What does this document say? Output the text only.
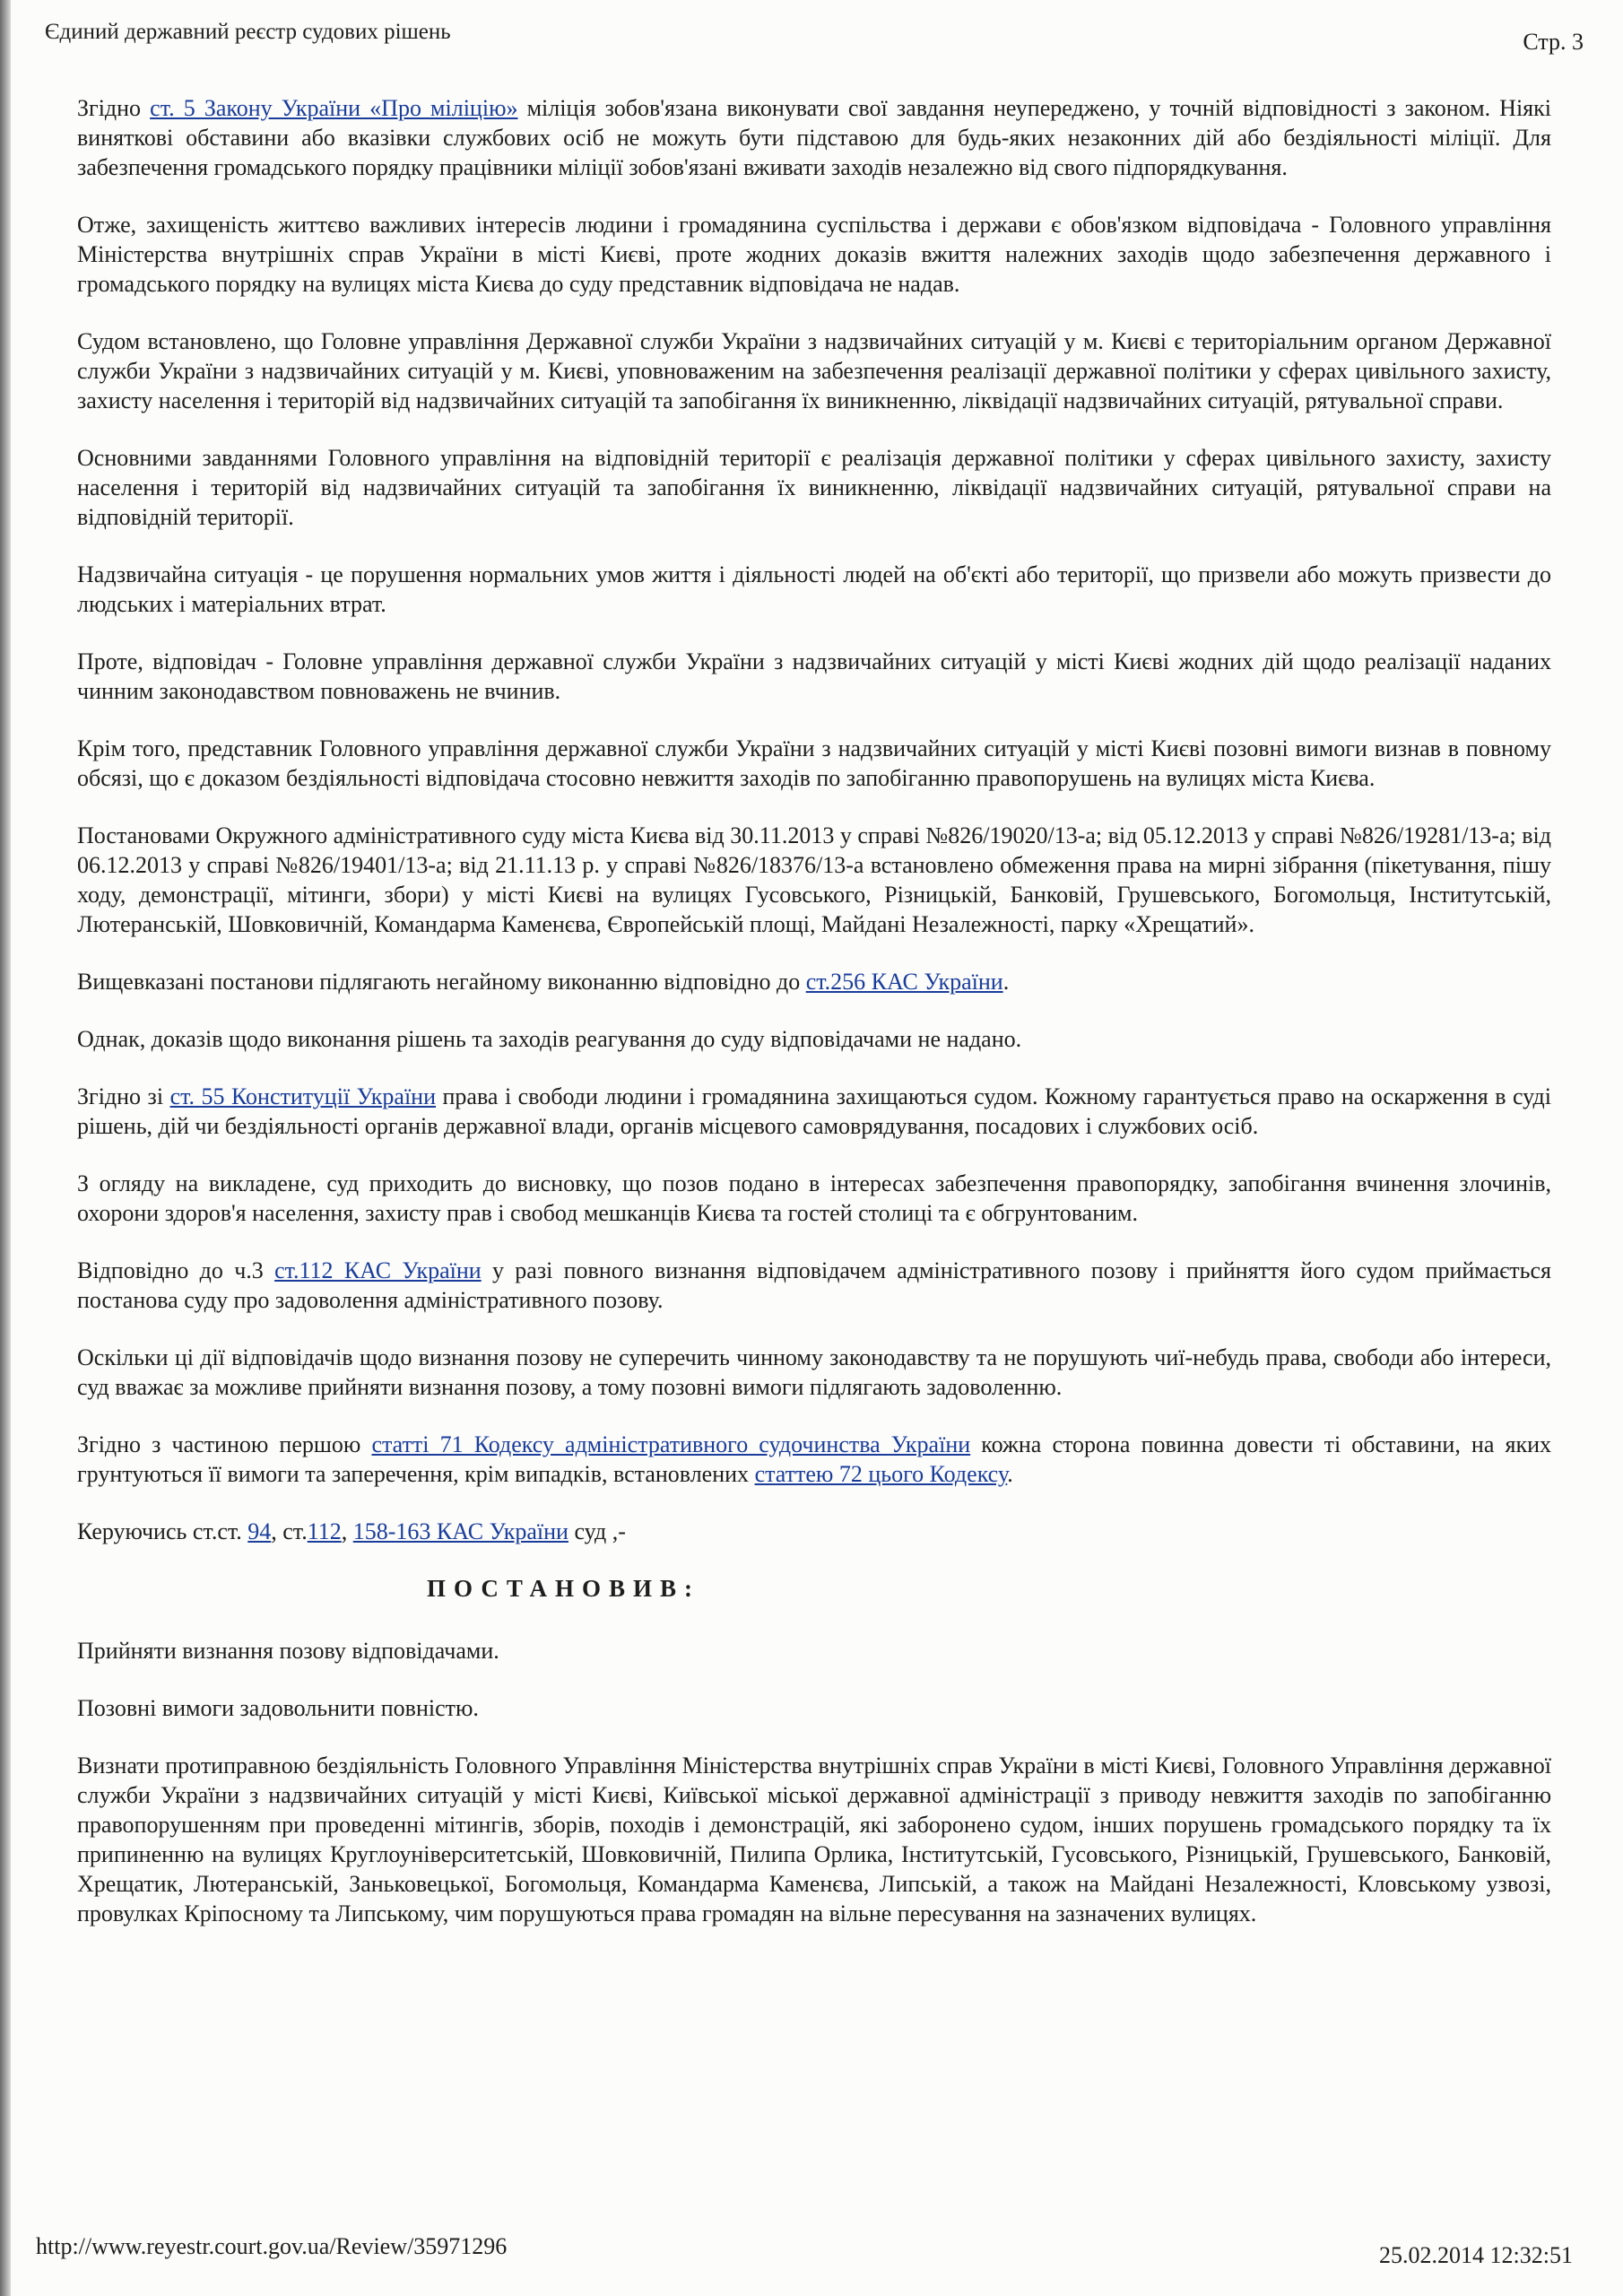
Єдиний державний реєстр судових рішень	Стр. 3

Згідно ст. 5 Закону України «Про міліцію» міліція зобов'язана виконувати свої завдання неупереджено, у точній відповідності з законом. Ніякі виняткові обставини або вказівки службових осіб не можуть бути підставою для будь-яких незаконних дій або бездіяльності міліції. Для забезпечення громадського порядку працівники міліції зобов'язані вживати заходів незалежно від свого підпорядкування.

Отже, захищеність життєво важливих інтересів людини і громадянина суспільства і держави є обов'язком відповідача - Головного управління Міністерства внутрішніх справ України в місті Києві, проте жодних доказів вжиття належних заходів щодо забезпечення державного і громадського порядку на вулицях міста Києва до суду представник відповідача не надав.

Судом встановлено, що Головне управління Державної служби України з надзвичайних ситуацій у м. Києві є територіальним органом Державної служби України з надзвичайних ситуацій у м. Києві, уповноваженим на забезпечення реалізації державної політики у сферах цивільного захисту, захисту населення і територій від надзвичайних ситуацій та запобігання їх виникненню, ліквідації надзвичайних ситуацій, рятувальної справи.

Основними завданнями Головного управління на відповідній території є реалізація державної політики у сферах цивільного захисту, захисту населення і територій від надзвичайних ситуацій та запобігання їх виникненню, ліквідації надзвичайних ситуацій, рятувальної справи на відповідній території.

Надзвичайна ситуація - це порушення нормальних умов життя і діяльності людей на об'єкті або території, що призвели або можуть призвести до людських і матеріальних втрат.

Проте, відповідач - Головне управління державної служби України з надзвичайних ситуацій у місті Києві жодних дій щодо реалізації наданих чинним законодавством повноважень не вчинив.

Крім того, представник Головного управління державної служби України з надзвичайних ситуацій у місті Києві позовні вимоги визнав в повному обсязі, що є доказом бездіяльності відповідача стосовно невжиття заходів по запобіганню правопорушень на вулицях міста Києва.

Постановами Окружного адміністративного суду міста Києва від 30.11.2013 у справі №826/19020/13-а; від 05.12.2013 у справі №826/19281/13-а; від 06.12.2013 у справі №826/19401/13-а; від 21.11.13 р. у справі №826/18376/13-а встановлено обмеження права на мирні зібрання (пікетування, пішу ходу, демонстрації, мітинги, збори) у місті Києві на вулицях Гусовського, Різницькій, Банковій, Грушевського, Богомольця, Інститутській, Лютеранській, Шовковичній, Командарма Каменєва, Європейській площі, Майдані Незалежності, парку «Хрещатий».

Вищевказані постанови підлягають негайному виконанню відповідно до ст.256 КАС України.

Однак, доказів щодо виконання рішень та заходів реагування до суду відповідачами не надано.

Згідно зі ст. 55 Конституції України права і свободи людини і громадянина захищаються судом. Кожному гарантується право на оскарження в суді рішень, дій чи бездіяльності органів державної влади, органів місцевого самоврядування, посадових і службових осіб.

З огляду на викладене, суд приходить до висновку, що позов подано в інтересах забезпечення правопорядку, запобігання вчинення злочинів, охорони здоров'я населення, захисту прав і свобод мешканців Києва та гостей столиці та є обгрунтованим.

Відповідно до ч.3 ст.112 КАС України у разі повного визнання відповідачем адміністративного позову і прийняття його судом приймається постанова суду про задоволення адміністративного позову.

Оскільки ці дії відповідачів щодо визнання позову не суперечить чинному законодавству та не порушують чиї-небудь права, свободи або інтереси, суд вважає за можливе прийняти визнання позову, а тому позовні вимоги підлягають задоволенню.

Згідно з частиною першою статті 71 Кодексу адміністративного судочинства України кожна сторона повинна довести ті обставини, на яких грунтуються її вимоги та заперечення, крім випадків, встановлених статтею 72 цього Кодексу.

Керуючись ст.ст. 94, ст.112, 158-163 КАС України суд ,-

ПОСТАНОВИВ:

Прийняти визнання позову відповідачами.

Позовні вимоги задовольнити повністю.

Визнати протиправною бездіяльність Головного Управління Міністерства внутрішніх справ України в місті Києві, Головного Управління державної служби України з надзвичайних ситуацій у місті Києві, Київської міської державної адміністрації з приводу невжиття заходів по запобіганню правопорушенням при проведенні мітингів, зборів, походів і демонстрацій, які заборонено судом, інших порушень громадського порядку та їх припиненню на вулицях Круглоуніверситетській, Шовковичній, Пилипа Орлика, Інститутській, Гусовського, Різницькій, Грушевського, Банковій, Хрещатик, Лютеранській, Заньковецької, Богомольця, Командарма Каменєва, Липській, а також на Майдані Незалежності, Кловському узвозі, провулках Кріпосному та Липському, чим порушуються права громадян на вільне пересування на зазначених вулицях.

http://www.reyestr.court.gov.ua/Review/35971296	25.02.2014 12:32:51
